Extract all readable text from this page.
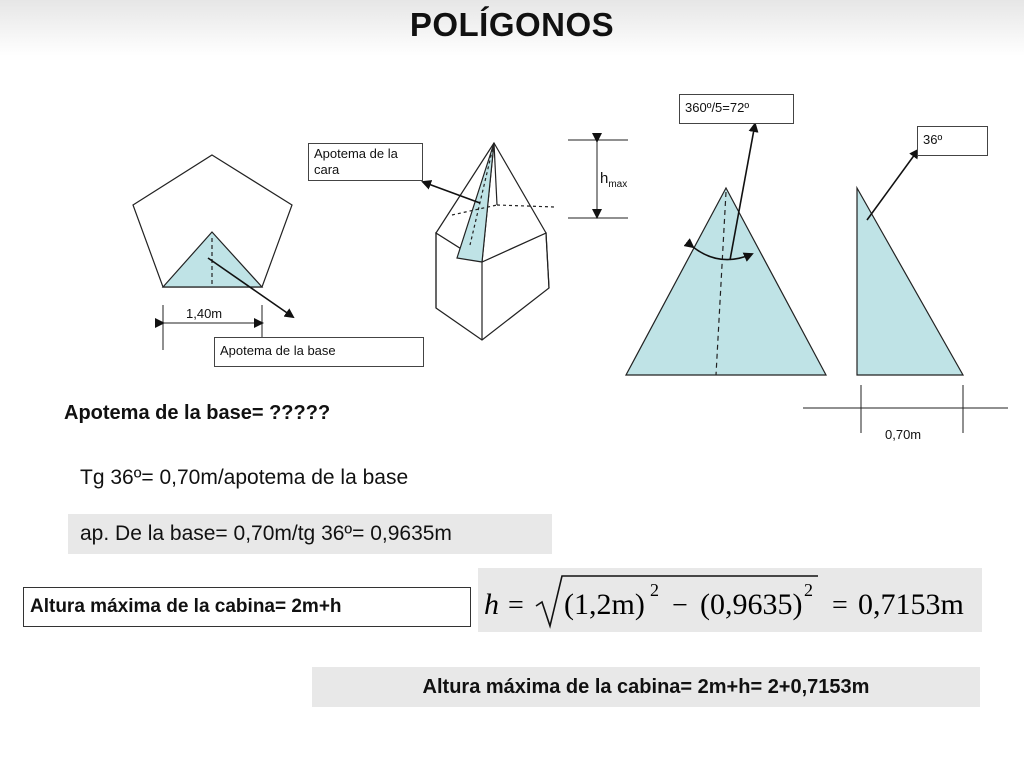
POLÍGONOS
Apotema de la cara
Apotema de la base
360º/5=72º
36º
1,40m
0,70m
$h_{max}$
Apotema de la base= ?????
Tg 36º= 0,70m/apotema de la base
ap. De la base= 0,70m/tg 36º= 0,9635m
Altura máxima de la cabina= 2m+h	h = (1,2m) 2 − (0,9635) 2 = 0,7153m
Altura máxima de la cabina= 2m+h= 2+0,7153m
